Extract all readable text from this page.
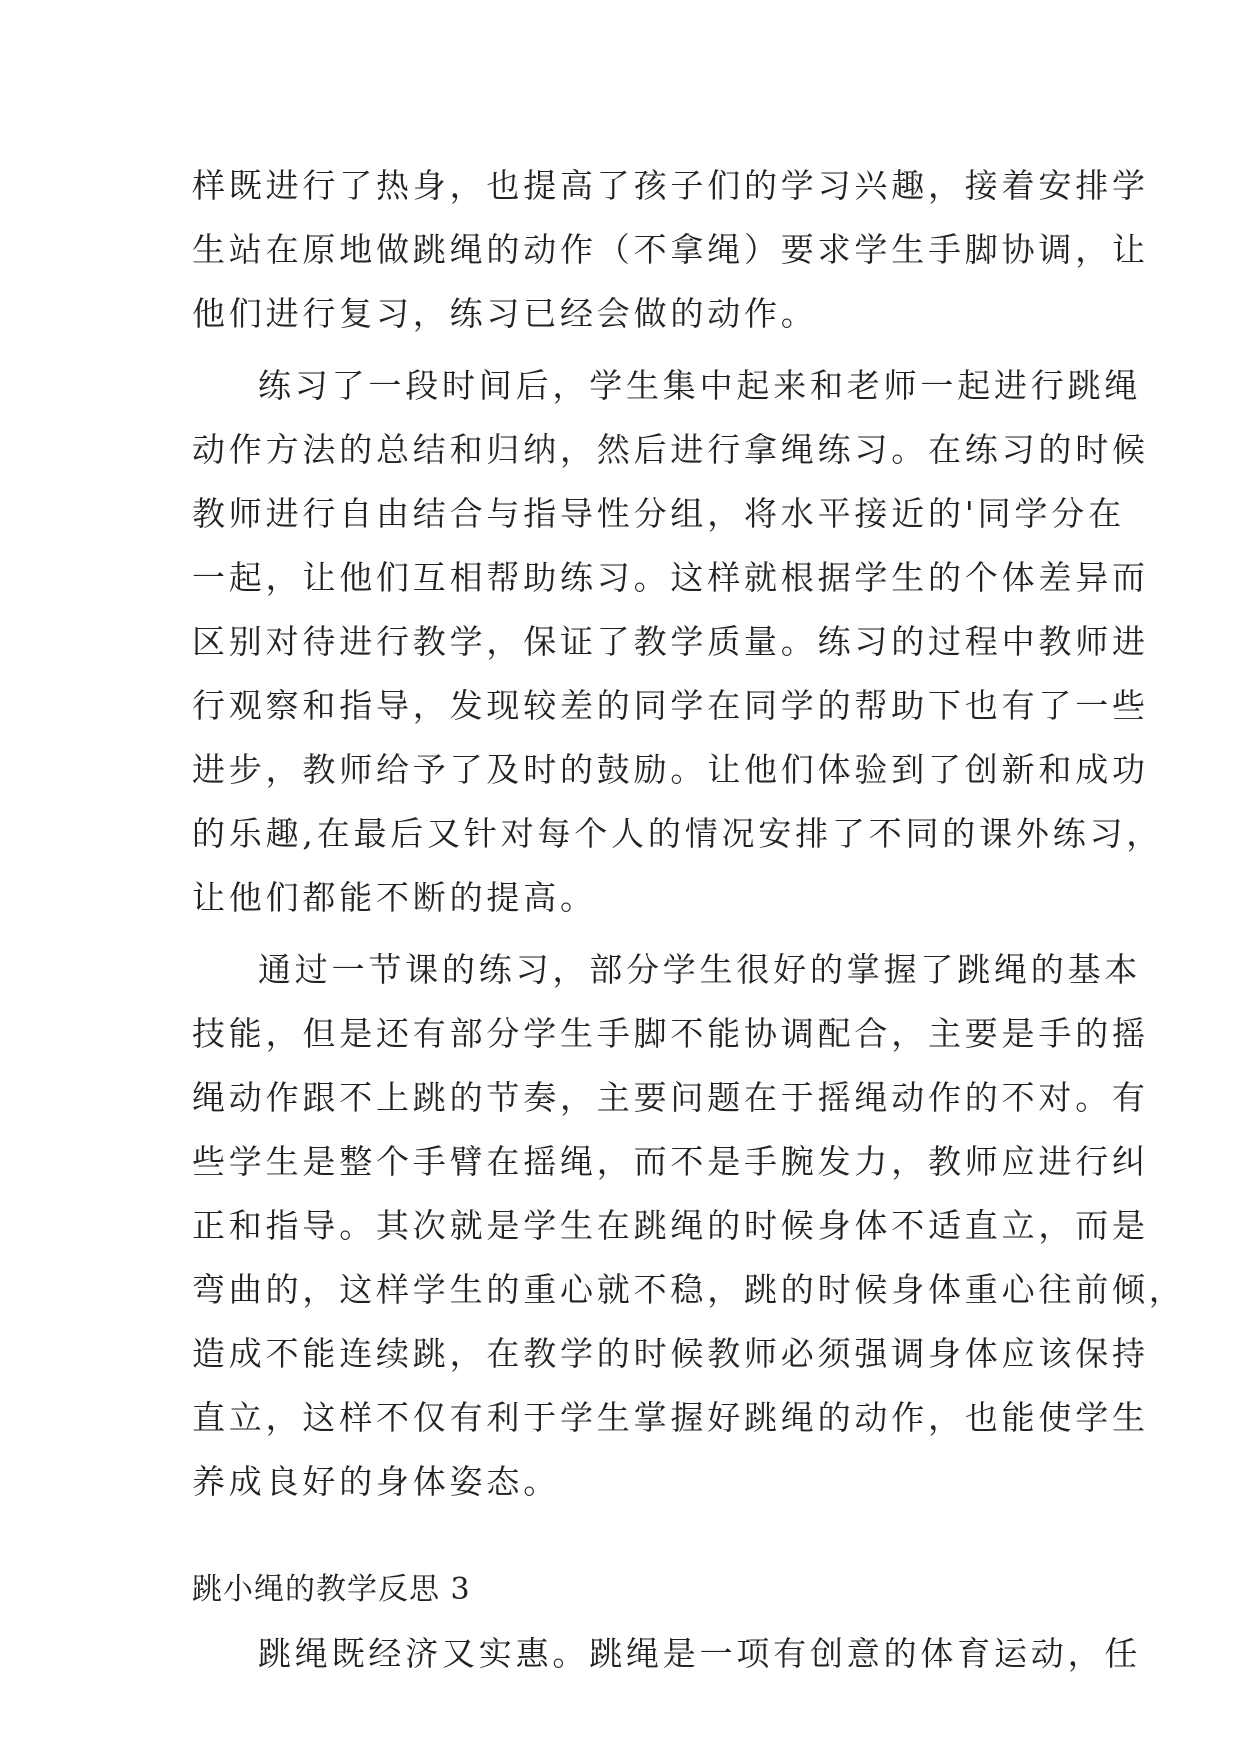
样既进行了热身，也提高了孩子们的学习兴趣，接着安排学
生站在原地做跳绳的动作（不拿绳）要求学生手脚协调，让
他们进行复习，练习已经会做的动作。
练习了一段时间后，学生集中起来和老师一起进行跳绳
动作方法的总结和归纳，然后进行拿绳练习。在练习的时候
教师进行自由结合与指导性分组，将水平接近的'同学分在
一起，让他们互相帮助练习。这样就根据学生的个体差异而
区别对待进行教学，保证了教学质量。练习的过程中教师进
行观察和指导，发现较差的同学在同学的帮助下也有了一些
进步，教师给予了及时的鼓励。让他们体验到了创新和成功
的乐趣,在最后又针对每个人的情况安排了不同的课外练习，
让他们都能不断的提高。
通过一节课的练习，部分学生很好的掌握了跳绳的基本
技能，但是还有部分学生手脚不能协调配合，主要是手的摇
绳动作跟不上跳的节奏，主要问题在于摇绳动作的不对。有
些学生是整个手臂在摇绳，而不是手腕发力，教师应进行纠
正和指导。其次就是学生在跳绳的时候身体不适直立，而是
弯曲的，这样学生的重心就不稳，跳的时候身体重心往前倾，
造成不能连续跳，在教学的时候教师必须强调身体应该保持
直立，这样不仅有利于学生掌握好跳绳的动作，也能使学生
养成良好的身体姿态。
跳小绳的教学反思 3
跳绳既经济又实惠。跳绳是一项有创意的体育运动，任
